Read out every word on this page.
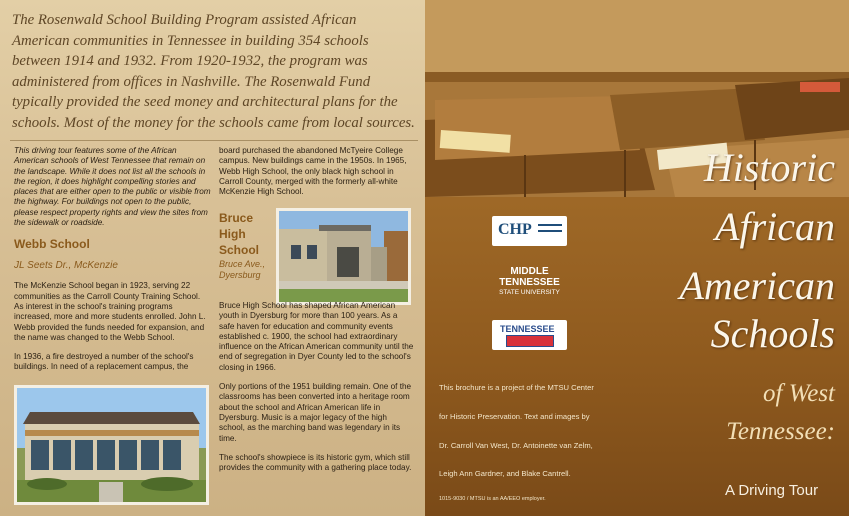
The Rosenwald School Building Program assisted African American communities in Tennessee in building 354 schools between 1914 and 1932. From 1920-1932, the program was administered from offices in Nashville. The Rosenwald Fund typically provided the seed money and architectural plans for the schools. Most of the money for the schools came from local sources.

This driving tour features some of the African American schools of West Tennessee that remain on the landscape. While it does not list all the schools in the region, it does highlight compelling stories and places that are either open to the public or visible from the highway. For buildings not open to the public, please respect property rights and view the sites from the sidewalk or roadside.

Webb School

JL Seets Dr., McKenzie

The McKenzie School began in 1923, serving 22 communities as the Carroll County Training School. As interest in the school's training programs increased, more and more students enrolled. John L. Webb provided the funds needed for expansion, and the name was changed to the Webb School.

In 1936, a fire destroyed a number of the school's buildings. In need of a replacement campus, the

board purchased the abandoned McTyeire College campus. New buildings came in the 1950s. In 1965, Webb High School, the only black high school in Carroll County, merged with the formerly all-white McKenzie High School.

Bruce High School
Bruce Ave., Dyersburg

Bruce High School has shaped African American youth in Dyersburg for more than 100 years. As a safe haven for education and community events established c. 1900, the school had extraordinary influence on the African American community until the end of segregation in Dyer County led to the school's closing in 1966.

Only portions of the 1951 building remain. One of the classrooms has been converted into a heritage room about the school and African American life in Dyersburg. Music is a major legacy of the high school, as the marching band was legendary in its time.

The school's showpiece is its historic gym, which still provides the community with a gathering place today.

Historic
African
American
Schools
of West
Tennessee:
CHP
MIDDLE
TENNESSEE
STATE UNIVERSITY
TENNESSEE
This brochure is a project of the MTSU Center
for Historic Preservation. Text and images by
Dr. Carroll Van West, Dr. Antoinette van Zelm,
Leigh Ann Gardner, and Blake Cantrell.
1015-9030 / MTSU is an AA/EEO employer.	A Driving Tour
